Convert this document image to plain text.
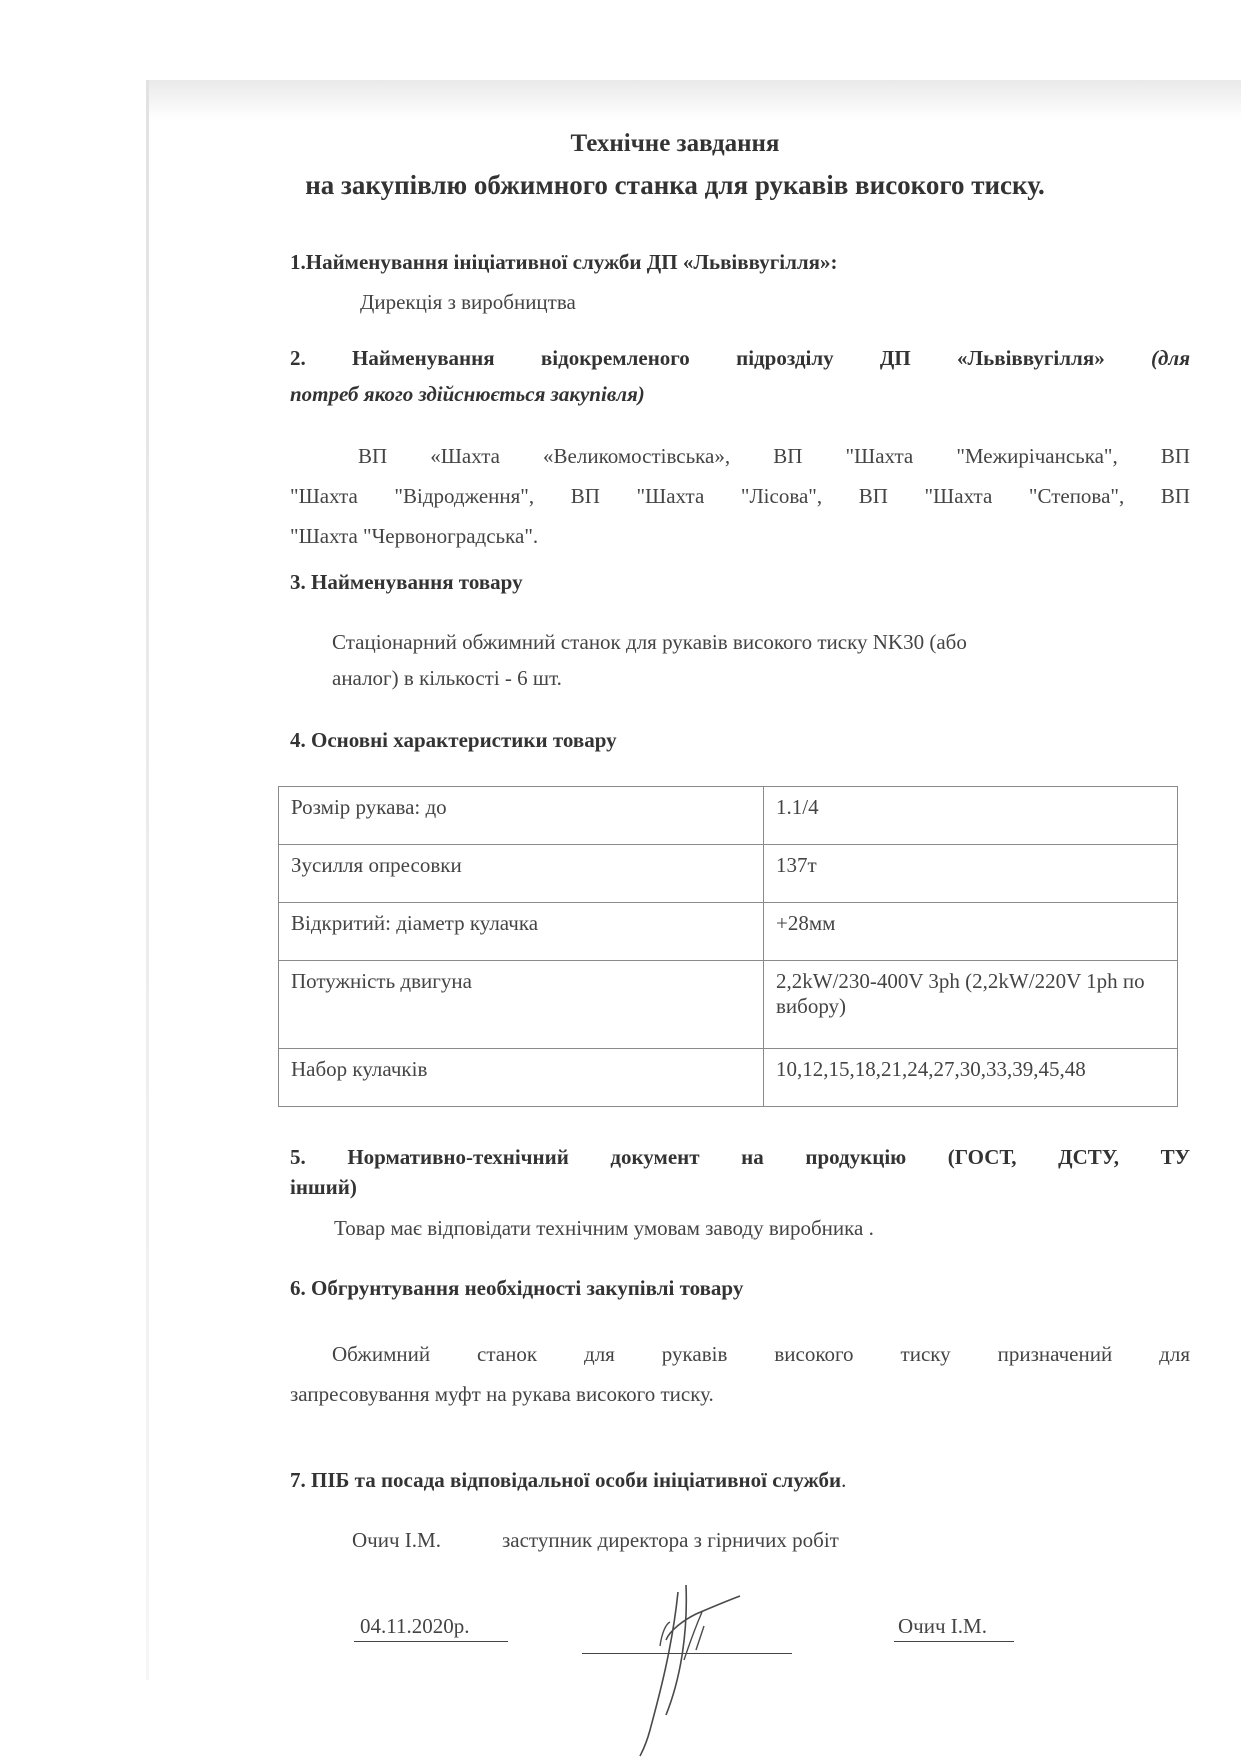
Технічне завдання
на закупівлю обжимного станка для рукавів високого тиску.
1.Найменування ініціативної служби ДП «Львіввугілля»:
Дирекція з виробництва
2. Найменування відокремленого підрозділу ДП «Львіввугілля» (для
потреб якого здійснюється закупівля)
ВП «Шахта «Великомостівська», ВП "Шахта "Межирічанська", ВП
"Шахта "Відродження", ВП "Шахта "Лісова", ВП "Шахта "Степова", ВП
"Шахта "Червоноградська".
3. Найменування товару
Стаціонарний обжимний станок для рукавів високого тиску NK30 (або
аналог) в кількості - 6 шт.
4. Основні характеристики товару
Розмір рукава: до	1.1/4
Зусилля опресовки	137т
Відкритий: діаметр кулачка	+28мм
Потужність двигуна	2,2kW/230-400V 3ph (2,2kW/220V 1ph по вибору)
Набор кулачків	10,12,15,18,21,24,27,30,33,39,45,48
5. Нормативно-технічний документ на продукцію (ГОСТ, ДСТУ, ТУ
інший)
Товар має відповідати технічним умовам заводу виробника .
6. Обгрунтування необхідності закупівлі товару
Обжимний станок для рукавів високого тиску призначений для
запресовування муфт на рукава високого тиску.
7. ПІБ та посада відповідальної особи ініціативної служби.
Очич І.М.	заступник директора з гірничих робіт
04.11.2020р.	Очич І.М.
